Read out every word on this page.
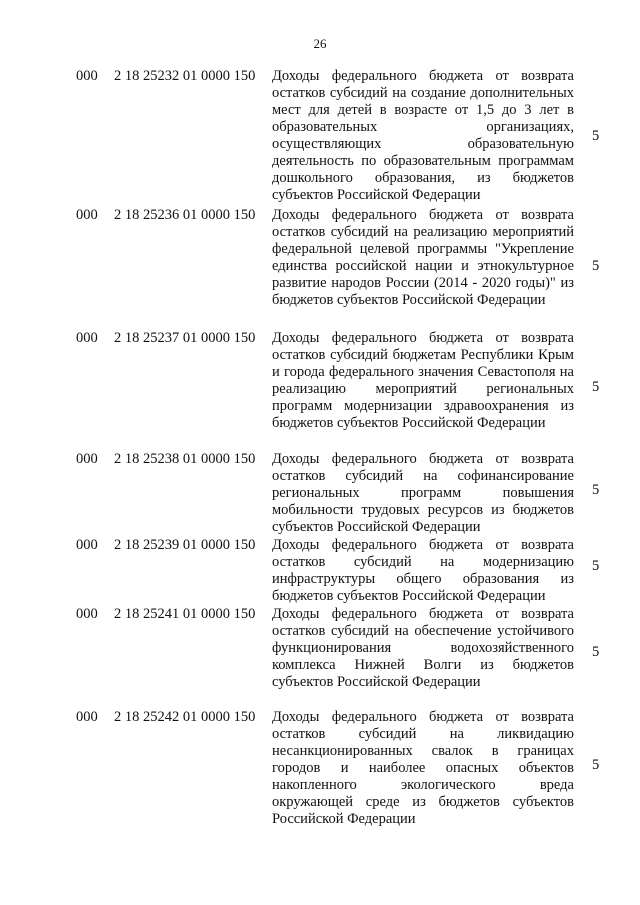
26
000 2 18 25232 01 0000 150 Доходы федерального бюджета от возврата остатков субсидий на создание дополнительных мест для детей в возрасте от 1,5 до 3 лет в образовательных организациях, осуществляющих образовательную деятельность по образовательным программам дошкольного образования, из бюджетов субъектов Российской Федерации
5
000 2 18 25236 01 0000 150 Доходы федерального бюджета от возврата остатков субсидий на реализацию мероприятий федеральной целевой программы "Укрепление единства российской нации и этнокультурное развитие народов России (2014 - 2020 годы)" из бюджетов субъектов Российской Федерации
5
000 2 18 25237 01 0000 150 Доходы федерального бюджета от возврата остатков субсидий бюджетам Республики Крым и города федерального значения Севастополя на реализацию мероприятий региональных программ модернизации здравоохранения из бюджетов субъектов Российской Федерации
5
000 2 18 25238 01 0000 150 Доходы федерального бюджета от возврата остатков субсидий на софинансирование региональных программ повышения мобильности трудовых ресурсов из бюджетов субъектов Российской Федерации
5
000 2 18 25239 01 0000 150 Доходы федерального бюджета от возврата остатков субсидий на модернизацию инфраструктуры общего образования из бюджетов субъектов Российской Федерации
5
000 2 18 25241 01 0000 150 Доходы федерального бюджета от возврата остатков субсидий на обеспечение устойчивого функционирования водохозяйственного комплекса Нижней Волги из бюджетов субъектов Российской Федерации
5
000 2 18 25242 01 0000 150 Доходы федерального бюджета от возврата остатков субсидий на ликвидацию несанкционированных свалок в границах городов и наиболее опасных объектов накопленного экологического вреда окружающей среде из бюджетов субъектов Российской Федерации
5
